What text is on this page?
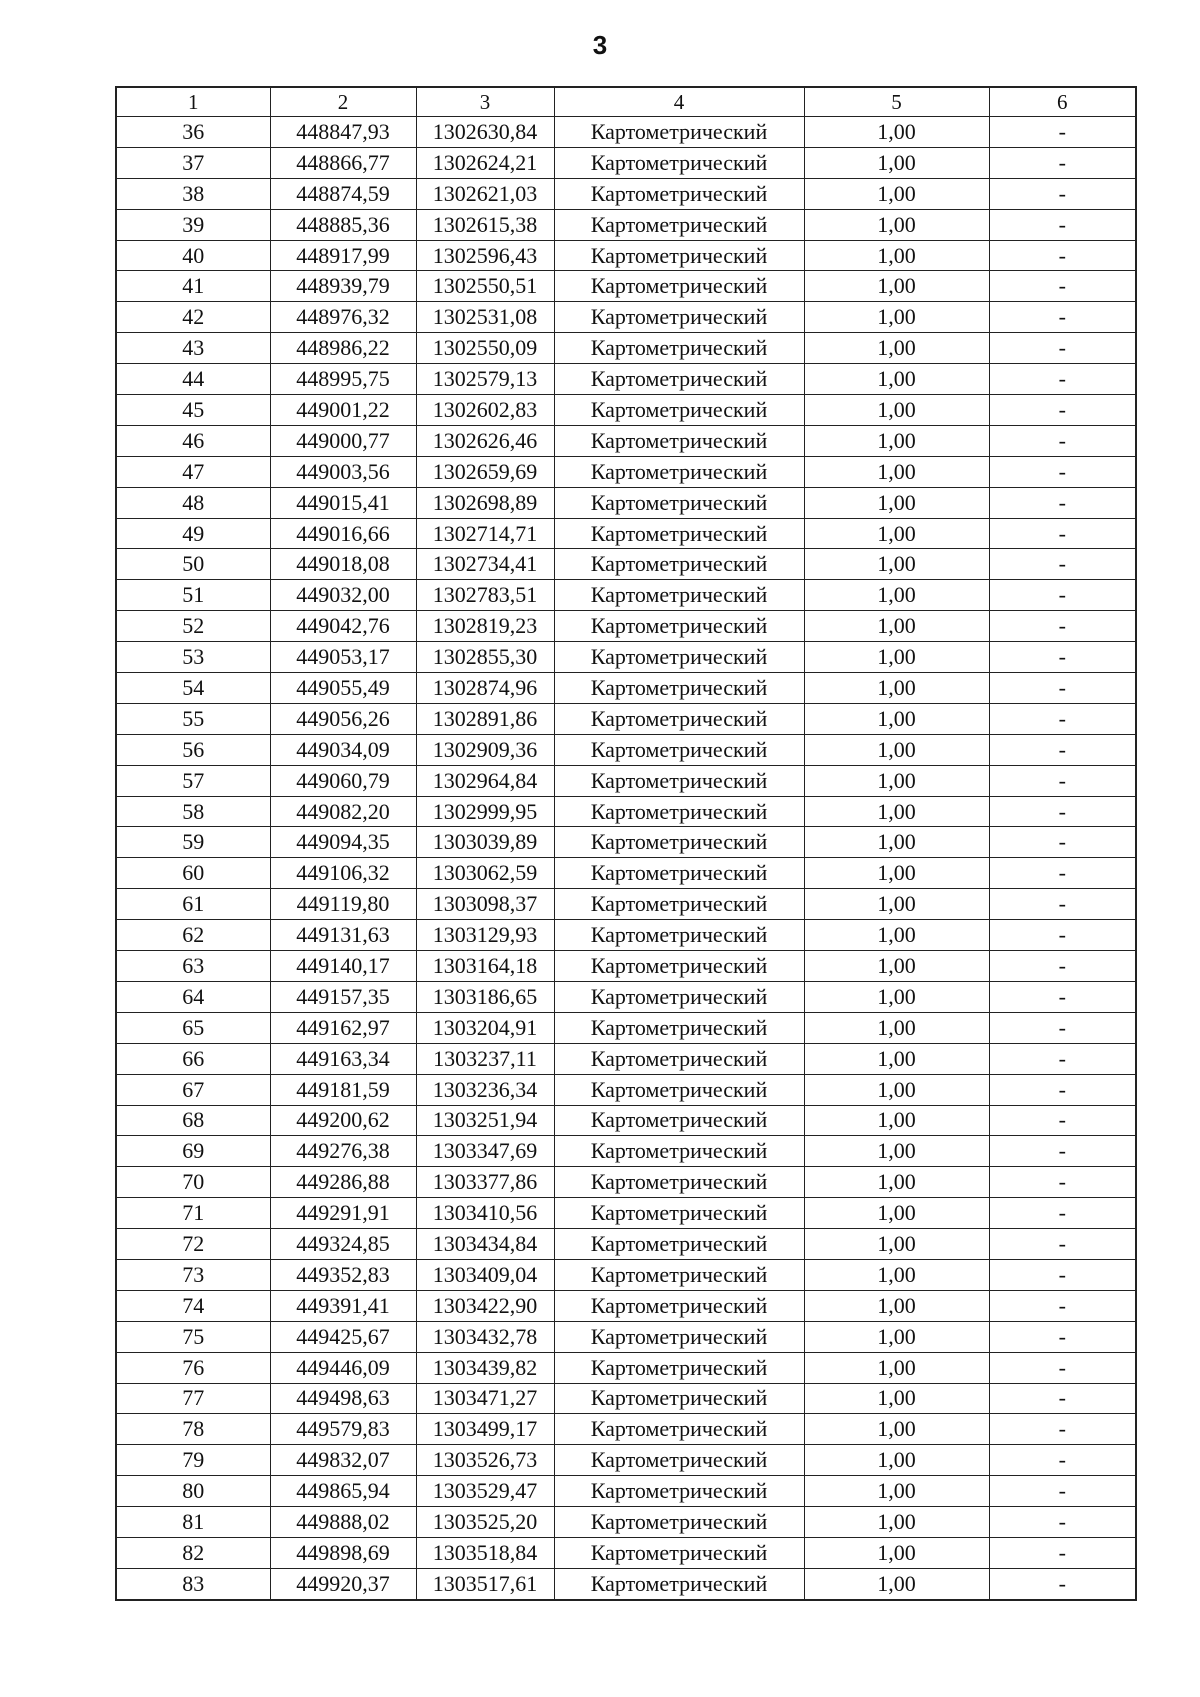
3
1	2	3	4	5	6
36	448847,93	1302630,84	Картометрический	1,00	-
37	448866,77	1302624,21	Картометрический	1,00	-
38	448874,59	1302621,03	Картометрический	1,00	-
39	448885,36	1302615,38	Картометрический	1,00	-
40	448917,99	1302596,43	Картометрический	1,00	-
41	448939,79	1302550,51	Картометрический	1,00	-
42	448976,32	1302531,08	Картометрический	1,00	-
43	448986,22	1302550,09	Картометрический	1,00	-
44	448995,75	1302579,13	Картометрический	1,00	-
45	449001,22	1302602,83	Картометрический	1,00	-
46	449000,77	1302626,46	Картометрический	1,00	-
47	449003,56	1302659,69	Картометрический	1,00	-
48	449015,41	1302698,89	Картометрический	1,00	-
49	449016,66	1302714,71	Картометрический	1,00	-
50	449018,08	1302734,41	Картометрический	1,00	-
51	449032,00	1302783,51	Картометрический	1,00	-
52	449042,76	1302819,23	Картометрический	1,00	-
53	449053,17	1302855,30	Картометрический	1,00	-
54	449055,49	1302874,96	Картометрический	1,00	-
55	449056,26	1302891,86	Картометрический	1,00	-
56	449034,09	1302909,36	Картометрический	1,00	-
57	449060,79	1302964,84	Картометрический	1,00	-
58	449082,20	1302999,95	Картометрический	1,00	-
59	449094,35	1303039,89	Картометрический	1,00	-
60	449106,32	1303062,59	Картометрический	1,00	-
61	449119,80	1303098,37	Картометрический	1,00	-
62	449131,63	1303129,93	Картометрический	1,00	-
63	449140,17	1303164,18	Картометрический	1,00	-
64	449157,35	1303186,65	Картометрический	1,00	-
65	449162,97	1303204,91	Картометрический	1,00	-
66	449163,34	1303237,11	Картометрический	1,00	-
67	449181,59	1303236,34	Картометрический	1,00	-
68	449200,62	1303251,94	Картометрический	1,00	-
69	449276,38	1303347,69	Картометрический	1,00	-
70	449286,88	1303377,86	Картометрический	1,00	-
71	449291,91	1303410,56	Картометрический	1,00	-
72	449324,85	1303434,84	Картометрический	1,00	-
73	449352,83	1303409,04	Картометрический	1,00	-
74	449391,41	1303422,90	Картометрический	1,00	-
75	449425,67	1303432,78	Картометрический	1,00	-
76	449446,09	1303439,82	Картометрический	1,00	-
77	449498,63	1303471,27	Картометрический	1,00	-
78	449579,83	1303499,17	Картометрический	1,00	-
79	449832,07	1303526,73	Картометрический	1,00	-
80	449865,94	1303529,47	Картометрический	1,00	-
81	449888,02	1303525,20	Картометрический	1,00	-
82	449898,69	1303518,84	Картометрический	1,00	-
83	449920,37	1303517,61	Картометрический	1,00	-
